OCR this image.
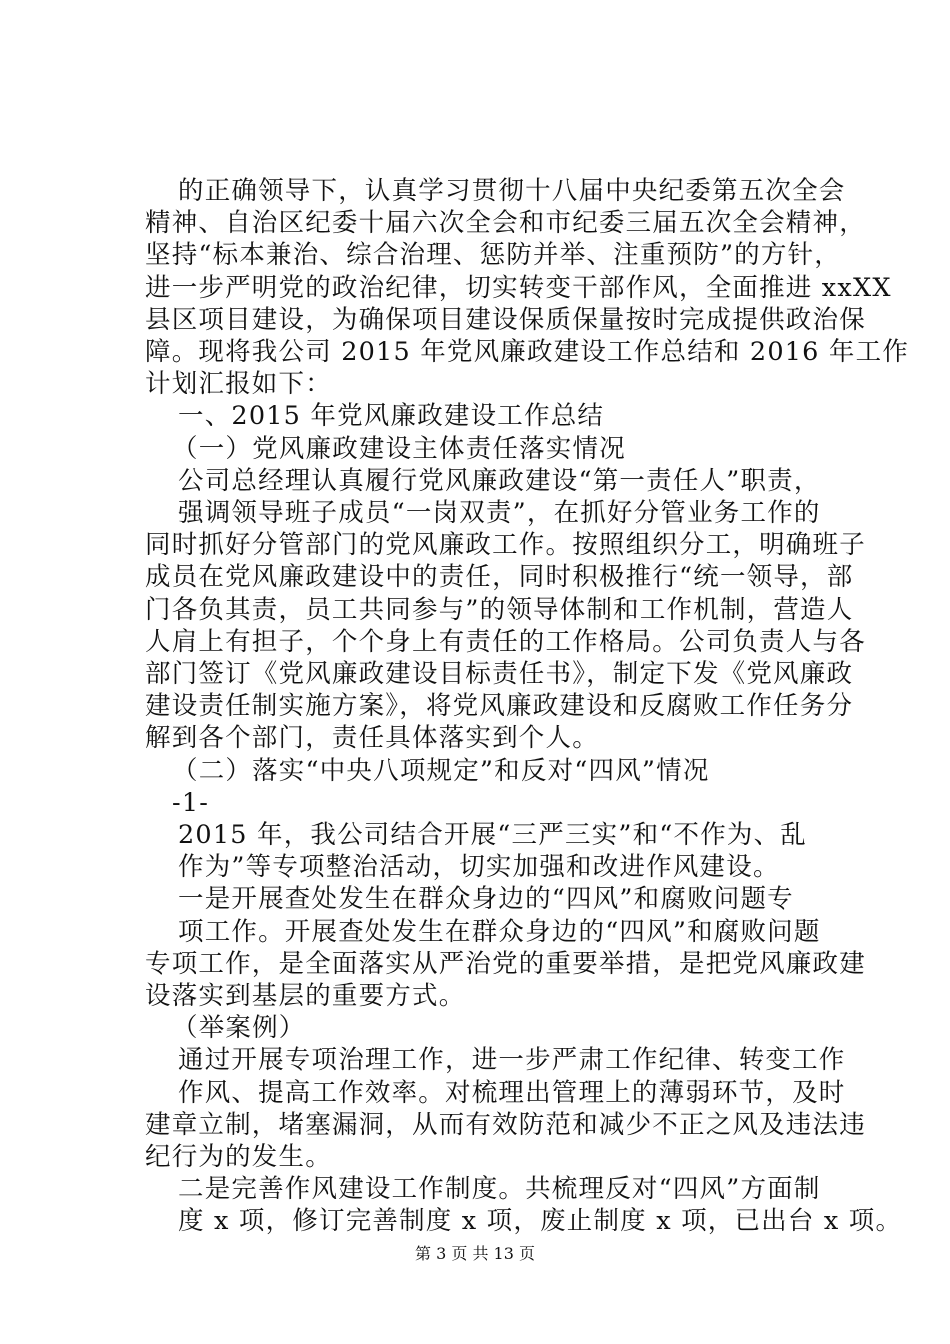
的正确领导下，认真学习贯彻十八届中央纪委第五次全会
精神、自治区纪委十届六次全会和市纪委三届五次全会精神，
坚持“标本兼治、综合治理、惩防并举、注重预防”的方针，
进一步严明党的政治纪律，切实转变干部作风，全面推进 xxXX
县区项目建设，为确保项目建设保质保量按时完成提供政治保
障。现将我公司 2015 年党风廉政建设工作总结和 2016 年工作
计划汇报如下：
一、2015 年党风廉政建设工作总结
（一）党风廉政建设主体责任落实情况
公司总经理认真履行党风廉政建设“第一责任人”职责，
强调领导班子成员“一岗双责”，在抓好分管业务工作的
同时抓好分管部门的党风廉政工作。按照组织分工，明确班子
成员在党风廉政建设中的责任，同时积极推行“统一领导，部
门各负其责，员工共同参与”的领导体制和工作机制，营造人
人肩上有担子，个个身上有责任的工作格局。公司负责人与各
部门签订《党风廉政建设目标责任书》，制定下发《党风廉政
建设责任制实施方案》，将党风廉政建设和反腐败工作任务分
解到各个部门，责任具体落实到个人。
（二）落实“中央八项规定”和反对“四风”情况
-1-
2015 年，我公司结合开展“三严三实”和“不作为、乱
作为”等专项整治活动，切实加强和改进作风建设。
一是开展查处发生在群众身边的“四风”和腐败问题专
项工作。开展查处发生在群众身边的“四风”和腐败问题
专项工作，是全面落实从严治党的重要举措，是把党风廉政建
设落实到基层的重要方式。
（举案例）
通过开展专项治理工作，进一步严肃工作纪律、转变工作
作风、提高工作效率。对梳理出管理上的薄弱环节，及时
建章立制，堵塞漏洞，从而有效防范和减少不正之风及违法违
纪行为的发生。
二是完善作风建设工作制度。共梳理反对“四风”方面制
度 x 项，修订完善制度 x 项，废止制度 x 项，已出台 x 项。
第 3 页 共 13 页
